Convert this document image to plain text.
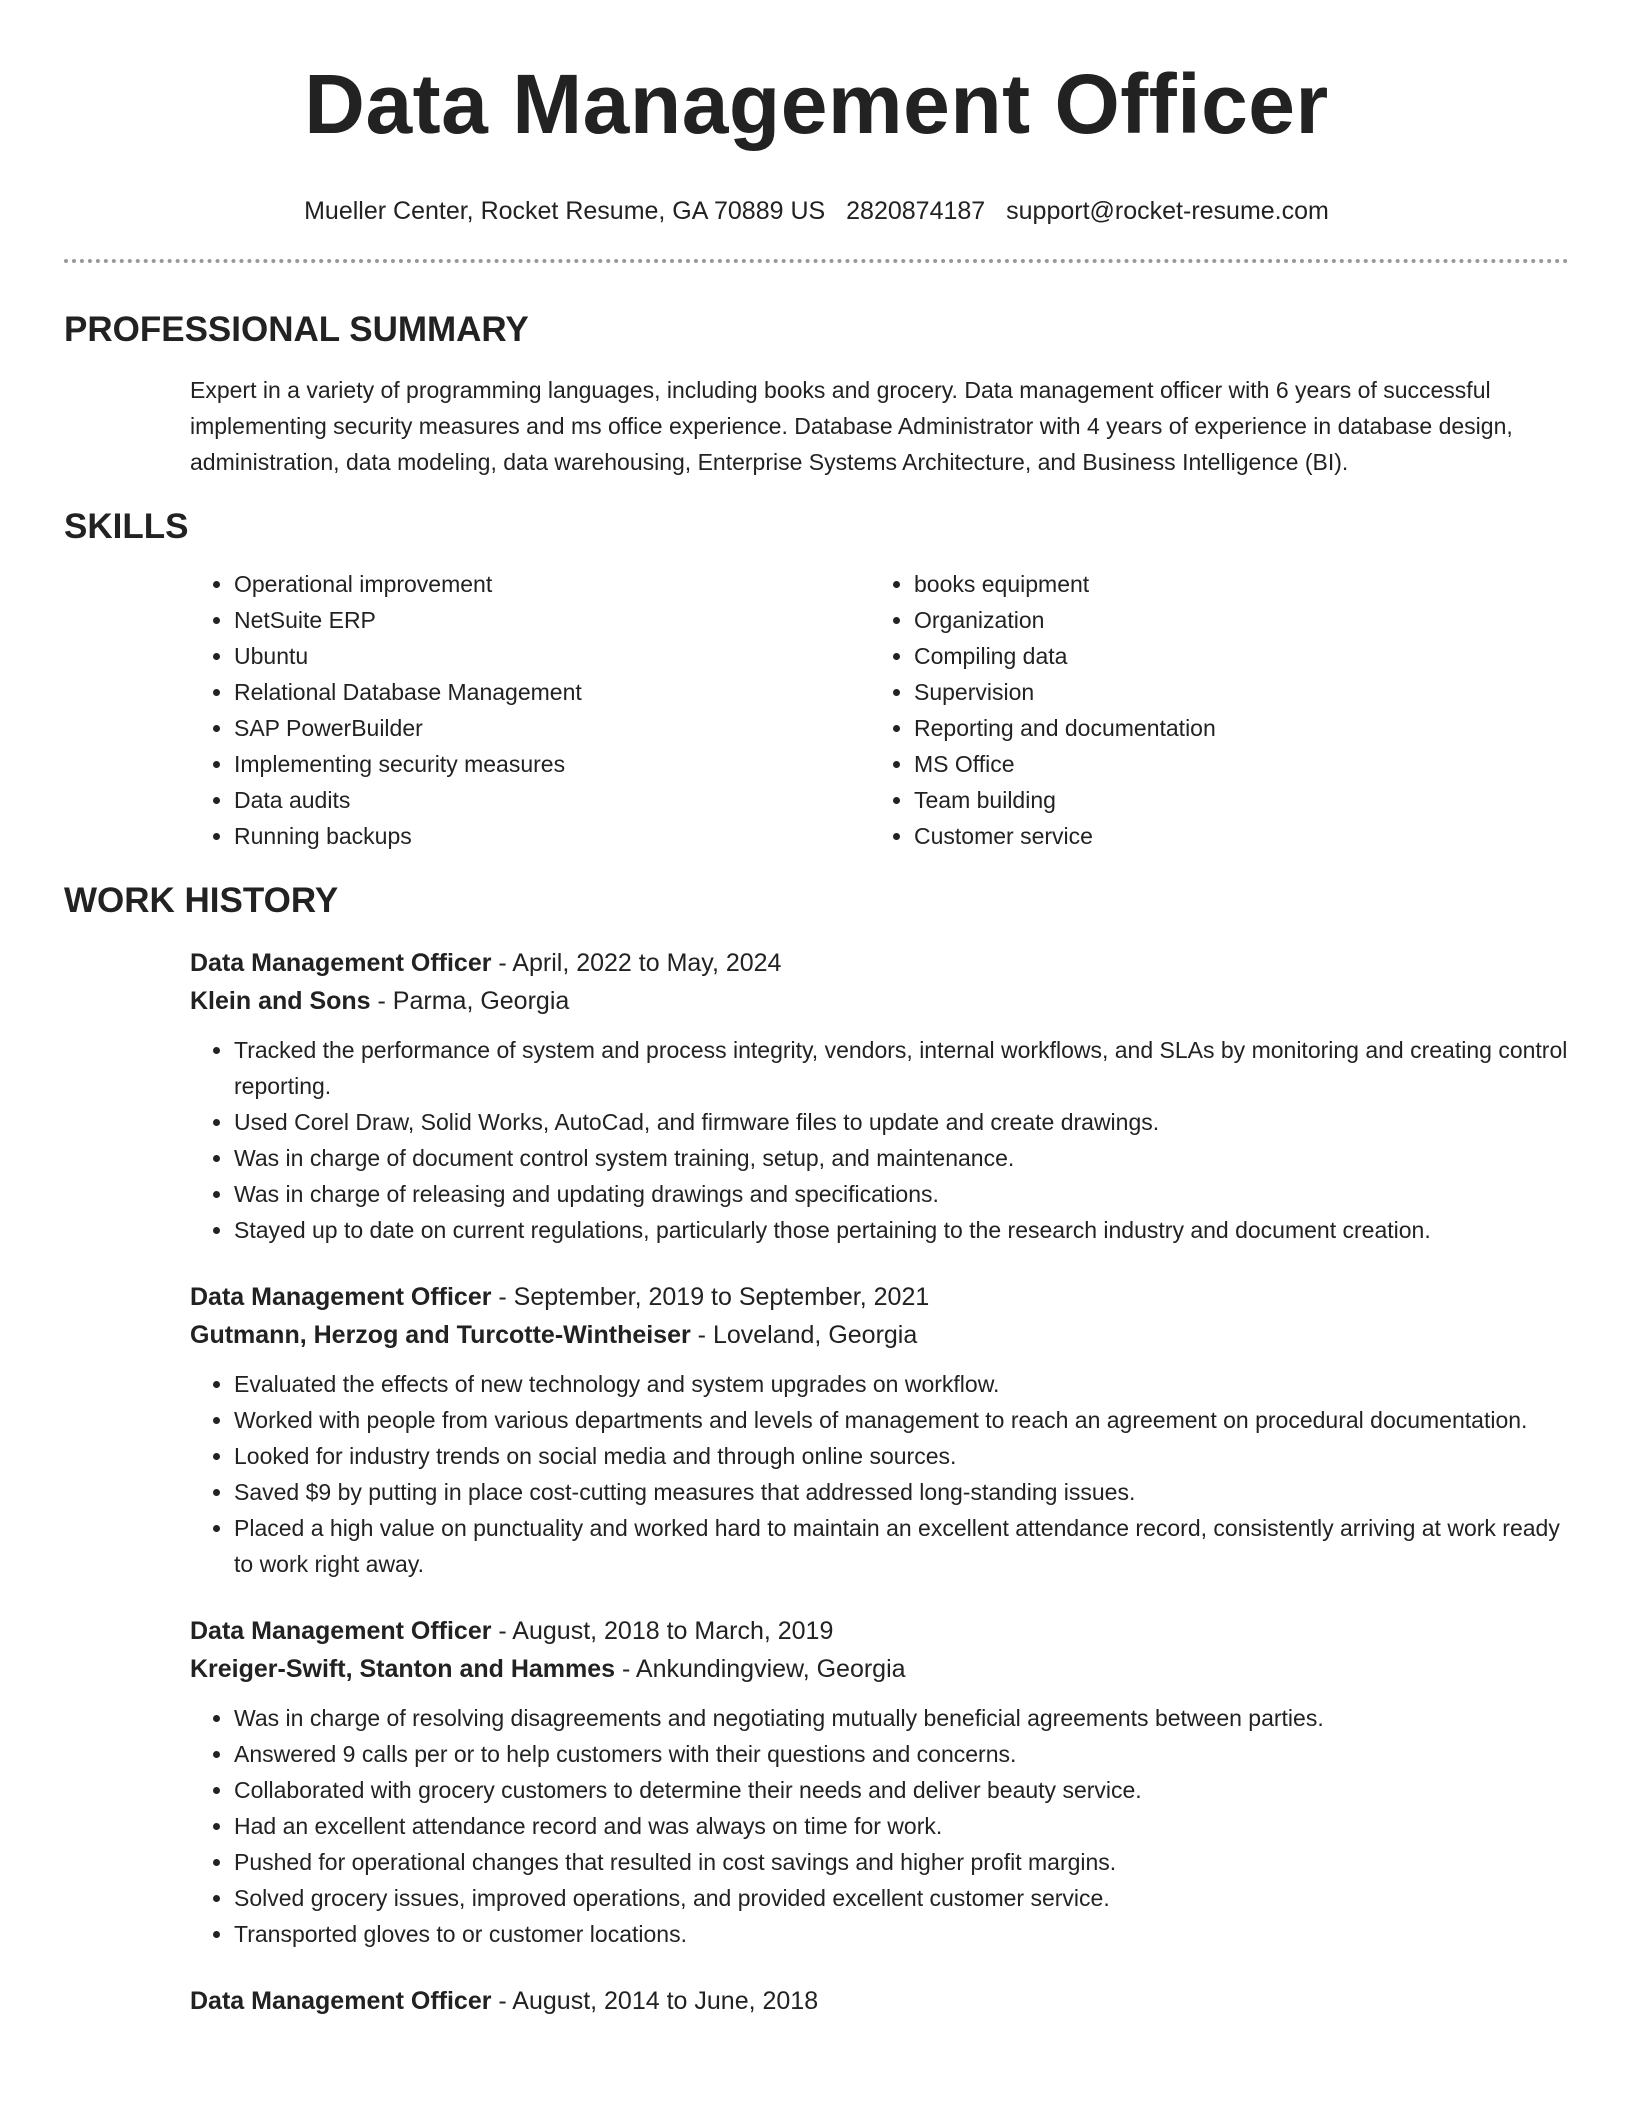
Data Management Officer
Mueller Center, Rocket Resume, GA 70889 US 2820874187 support@rocket-resume.com
PROFESSIONAL SUMMARY
Expert in a variety of programming languages, including books and grocery. Data management officer with 6 years of successful implementing security measures and ms office experience. Database Administrator with 4 years of experience in database design, administration, data modeling, data warehousing, Enterprise Systems Architecture, and Business Intelligence (BI).
SKILLS
• Operational improvement
• NetSuite ERP
• Ubuntu
• Relational Database Management
• SAP PowerBuilder
• Implementing security measures
• Data audits
• Running backups
• books equipment
• Organization
• Compiling data
• Supervision
• Reporting and documentation
• MS Office
• Team building
• Customer service
WORK HISTORY
Data Management Officer - April, 2022 to May, 2024
Klein and Sons - Parma, Georgia
• Tracked the performance of system and process integrity, vendors, internal workflows, and SLAs by monitoring and creating control reporting.
• Used Corel Draw, Solid Works, AutoCad, and firmware files to update and create drawings.
• Was in charge of document control system training, setup, and maintenance.
• Was in charge of releasing and updating drawings and specifications.
• Stayed up to date on current regulations, particularly those pertaining to the research industry and document creation.
Data Management Officer - September, 2019 to September, 2021
Gutmann, Herzog and Turcotte-Wintheiser - Loveland, Georgia
• Evaluated the effects of new technology and system upgrades on workflow.
• Worked with people from various departments and levels of management to reach an agreement on procedural documentation.
• Looked for industry trends on social media and through online sources.
• Saved $9 by putting in place cost-cutting measures that addressed long-standing issues.
• Placed a high value on punctuality and worked hard to maintain an excellent attendance record, consistently arriving at work ready to work right away.
Data Management Officer - August, 2018 to March, 2019
Kreiger-Swift, Stanton and Hammes - Ankundingview, Georgia
• Was in charge of resolving disagreements and negotiating mutually beneficial agreements between parties.
• Answered 9 calls per or to help customers with their questions and concerns.
• Collaborated with grocery customers to determine their needs and deliver beauty service.
• Had an excellent attendance record and was always on time for work.
• Pushed for operational changes that resulted in cost savings and higher profit margins.
• Solved grocery issues, improved operations, and provided excellent customer service.
• Transported gloves to or customer locations.
Data Management Officer - August, 2014 to June, 2018
